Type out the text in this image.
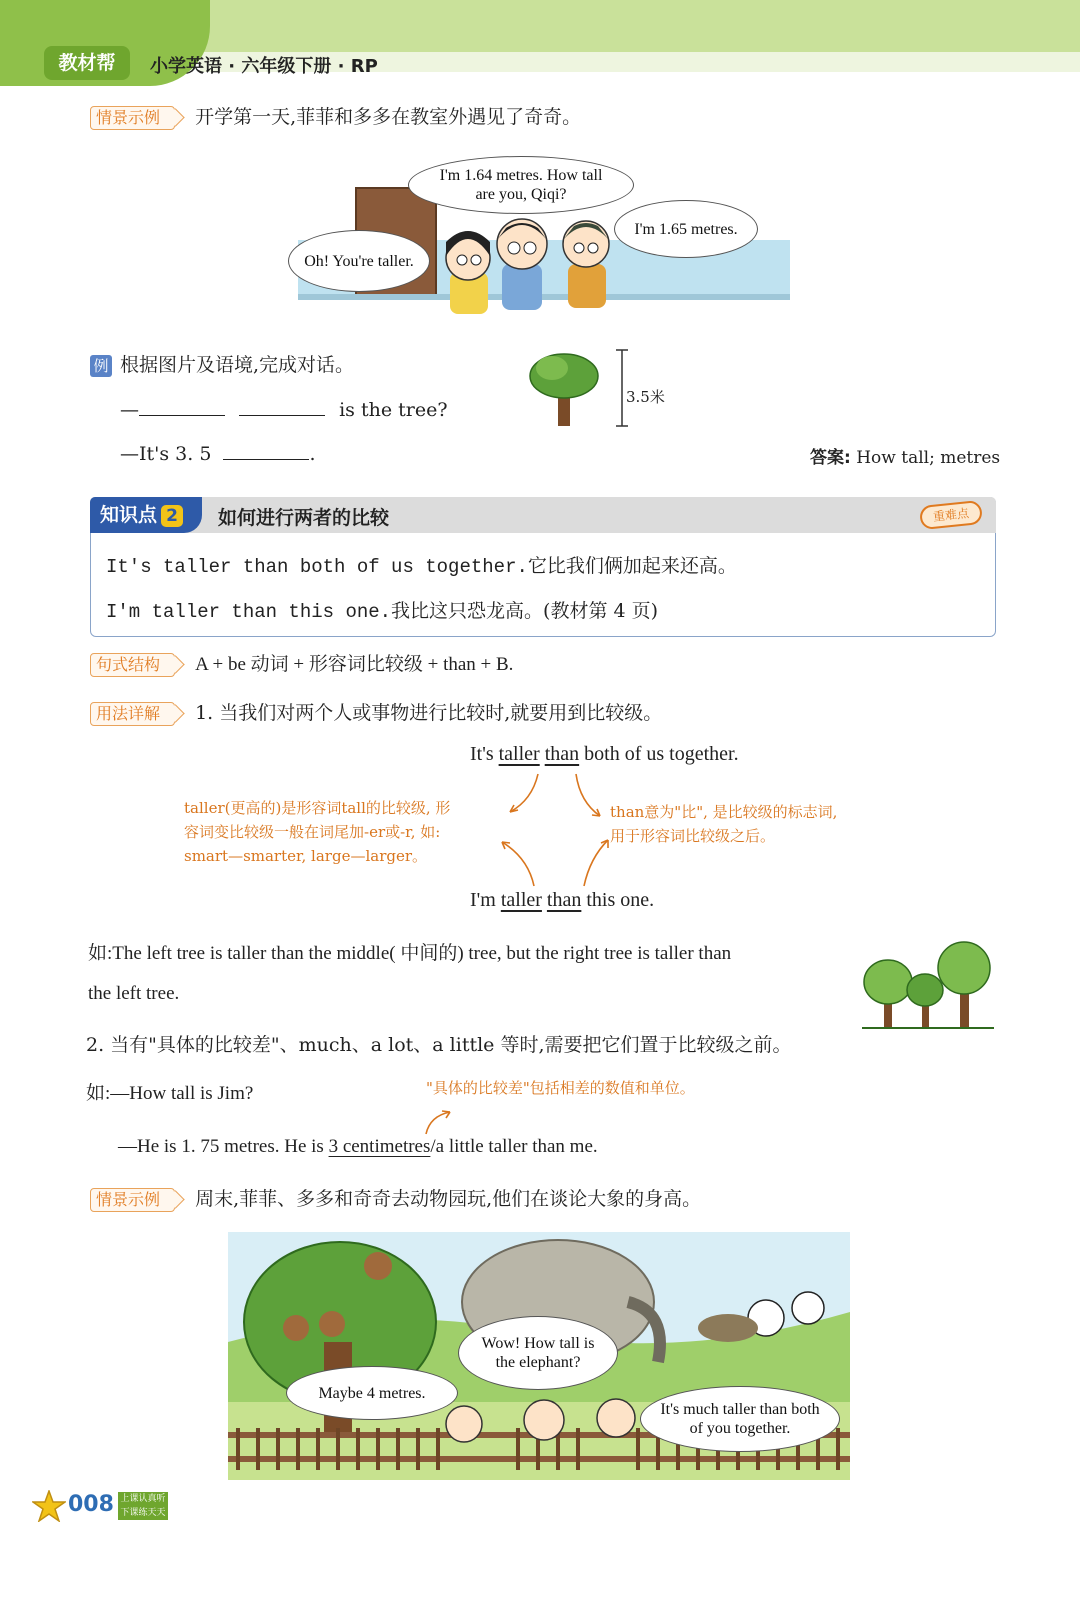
教材帮	小学英语 · 六年级下册 · RP
情景示例 开学第一天,菲菲和多多在教室外遇见了奇奇。
I'm 1.64 metres. How tall are you, Qiqi?
I'm 1.65 metres.
Oh! You're taller.
例 根据图片及语境,完成对话。
—	is the tree?
—It's 3. 5	.
3.5米
答案: How tall; metres
知识点 2	如何进行两者的比较	重难点
It's taller than both of us together.它比我们俩加起来还高。
I'm taller than this one.我比这只恐龙高。(教材第 4 页)
句式结构 A + be 动词 + 形容词比较级 + than + B.
用法详解 1. 当我们对两个人或事物进行比较时,就要用到比较级。
It's taller than both of us together.
taller(更高的)是形容词tall的比较级, 形
容词变比较级一般在词尾加-er或-r, 如:
smart—smarter, large—larger。
than意为"比", 是比较级的标志词,
用于形容词比较级之后。
I'm taller than this one.
如:The left tree is taller than the middle( 中间的) tree, but the right tree is taller than
the left tree.
2. 当有"具体的比较差"、much、a lot、a little 等时,需要把它们置于比较级之前。
如:—How tall is Jim?	"具体的比较差"包括相差的数值和单位。
—He is 1. 75 metres. He is 3 centimetres/a little taller than me.
情景示例 周末,菲菲、多多和奇奇去动物园玩,他们在谈论大象的身高。
Wow! How tall is the elephant?
Maybe 4 metres.
It's much taller than both of you together.
008 上课认真听
下课练天天
